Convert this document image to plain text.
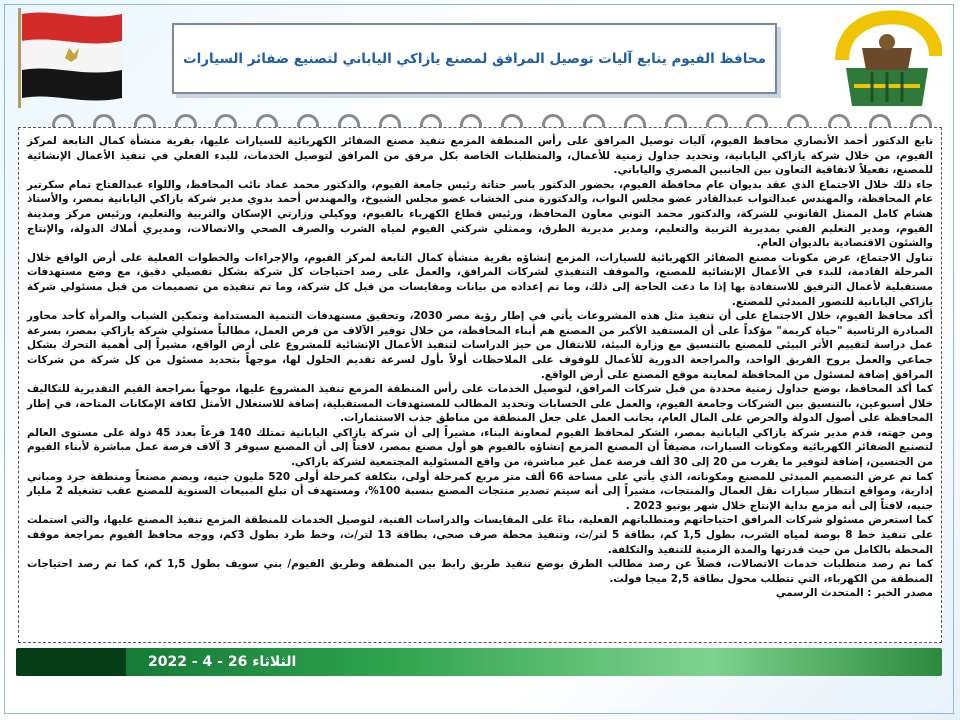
محافظ الفيوم يتابع آليات توصيل المرافق لمصنع يازاكي الياباني لتصنيع ضفائر السيارات

تابع الدكتور أحمد الأنصاري محافظ الفيوم، آليات توصيل المرافق على رأس المنطقة المزمع تنفيذ مصنع الضفائر الكهربائية للسيارات عليها، بقرية منشأة كمال التابعة لمركز الفيوم، من خلال شركة يازاكي اليابانية، وتحديد جداول زمنية للأعمال، والمتطلبات الخاصة بكل مرفق من المرافق لتوصيل الخدمات، للبدء الفعلي في تنفيذ الأعمال الإنشائية للمصنع، تفعيلاً لاتفاقية التعاون بين الجانبين المصري والياباني.

جاء ذلك خلال الاجتماع الذي عقد بديوان عام محافظة الفيوم، بحضور الدكتور ياسر حتاتة رئيس جامعة الفيوم، والدكتور محمد عماد نائب المحافظ، واللواء عبدالفتاح تمام سكرتير عام المحافظة، والمهندس عبدالتواب عبدالقادر عضو مجلس النواب، والدكتورة منى الخشاب عضو مجلس الشيوخ، والمهندس أحمد بدوي مدير شركة يازاكي اليابانية بمصر، والأستاذ هشام كامل الممثل القانوني للشركة، والدكتور محمد التوني معاون المحافظ، ورئيس قطاع الكهرباء بالفيوم، ووكيلي وزارتي الإسكان والتربية والتعليم، ورئيس مركز ومدينة الفيوم، ومدير التعليم الفني بمديرية التربية والتعليم، ومدير مديرية الطرق، وممثلي شركتي الفيوم لمياه الشرب والصرف الصحي والاتصالات، ومديري أملاك الدولة، والإنتاج والشئون الاقتصادية بالديوان العام.

تناول الاجتماع، عرض مكونات مصنع الضفائر الكهربائية للسيارات، المزمع إنشاؤه بقرية منشأة كمال التابعة لمركز الفيوم، والإجراءات والخطوات الفعلية على أرض الواقع خلال المرحلة القادمة، للبدء في الأعمال الإنشائية للمصنع، والموقف التنفيذي لشركات المرافق، والعمل على رصد احتياجات كل شركة بشكل تفصيلي دقيق، مع وضع مستهدفات مستقبلية لأعمال الترفيق للاستفادة بها إذا ما دعت الحاجة إلى ذلك، وما تم إعداده من بيانات ومقايسات من قبل كل شركة، وما تم تنفيذه من تصميمات من قبل مسئولي شركة يازاكي اليابانية للتصور المبدئي للمصنع.

أكد محافظ الفيوم، خلال الاجتماع على أن تنفيذ مثل هذه المشروعات يأتي في إطار رؤية مصر 2030، وتحقيق مستهدفات التنمية المستدامة وتمكين الشباب والمرأة كأحد محاور المبادرة الرئاسية "حياة كريمة" مؤكداً على أن المستفيد الأكبر من المصنع هم أبناء المحافظة، من خلال توفير الآلاف من فرص العمل، مطالباً مسئولي شركة يازاكي بمصر، بسرعة عمل دراسة لتقييم الأثر البيئي للمصنع بالتنسيق مع وزارة البيئة، للانتقال من حيز الدراسات لتنفيذ الأعمال الإنشائية للمشروع على أرض الواقع، مشيراً إلى أهمية التحرك بشكل جماعي والعمل بروح الفريق الواحد، والمراجعة الدورية للأعمال للوقوف على الملاحظات أولاً بأول لسرعة تقديم الحلول لها، موجهاً بتحديد مسئول من كل شركة من شركات المرافق إضافة لمسئول من المحافظة لمعاينة موقع المصنع على أرض الواقع.

كما أكد المحافظ، بوضع جداول زمنية محددة من قبل شركات المرافق، لتوصيل الخدمات على رأس المنطقة المزمع تنفيذ المشروع عليها، موجهاً بمراجعة القيم التقديرية للتكاليف خلال أسبوعين، بالتنسيق بين الشركات وجامعة الفيوم، والعمل على الحسابات وتحديد المطالب للمستهدفات المستقبلية، إضافة للاستغلال الأمثل لكافة الإمكانات المتاحة، في إطار المحافظة على أصول الدولة والحرص على المال العام، بجانب العمل على جعل المنطقة من مناطق جذب الاستثمارات.

ومن جهته، قدم مدير شركة يازاكي اليابانية بمصر، الشكر لمحافظ الفيوم لمعاونة البناء، مشيراً إلى أن شركة يازاكي اليابانية تمتلك 140 فرعاً بعدد 45 دولة على مستوى العالم لتصنيع الضفائر الكهربائية ومكونات السيارات، مضيفاً أن المصنع المزمع إنشاؤه بالفيوم هو أول مصنع بمصر، لافتاً إلى أن المصنع سيوفر 3 آلاف فرصة عمل مباشرة لأبناء الفيوم من الجنسين، إضافة لتوفير ما يقرب من 20 إلى 30 ألف فرصة عمل غير مباشرة، من واقع المسئولية المجتمعية لشركة يازاكي.

كما تم عرض التصميم المبدئي للمصنع ومكوناته، الذي يأتي على مساحة 66 ألف متر مربع كمرحلة أولى، بتكلفة كمرحلة أولى 520 مليون جنيه، ويضم مصنعاً ومنطقة جرد ومباني إدارية، ومواقع انتظار سيارات نقل العمال والمنتجات، مشيراً إلى أنه سيتم تصدير منتجات المصنع بنسبة 100%، ومستهدف أن تبلغ المبيعات السنوية للمصنع عقب تشغيله 2 مليار جنيه، لافتاً إلى أنه مزمع بداية الإنتاج خلال شهر يونيو 2023 .

كما استعرض مسئولو شركات المرافق احتياجاتهم ومتطلباتهم الفعلية، بناءً على المقايسات والدراسات الفنية، لتوصيل الخدمات للمنطقة المزمع تنفيذ المصنع عليها، والتي استملت على تنفيذ خط 8 بوصة لمياه الشرب، بطول 1,5 كم، بطاقة 5 لتر/ث، وتنفيذ محطة صرف صحي، بطاقة 13 لتر/ث، وخط طرد بطول 3كم، ووجه محافظ الفيوم بمراجعة موقف المحطة بالكامل من حيث قدرتها والمدة الزمنية للتنفيذ والتكلفة.

كما تم رصد متطلبات خدمات الاتصالات، فضلاً عن رصد مطالب الطرق بوضع تنفيذ طريق رابط بين المنطقة وطريق الفيوم/ بني سويف بطول 1,5 كم، كما تم رصد احتياجات المنطقة من الكهرباء، التي تتطلب محول بطاقة 2,5 ميجا فولت.

مصدر الخبر : المتحدث الرسمي

الثلاثاء 26 - 4 - 2022
